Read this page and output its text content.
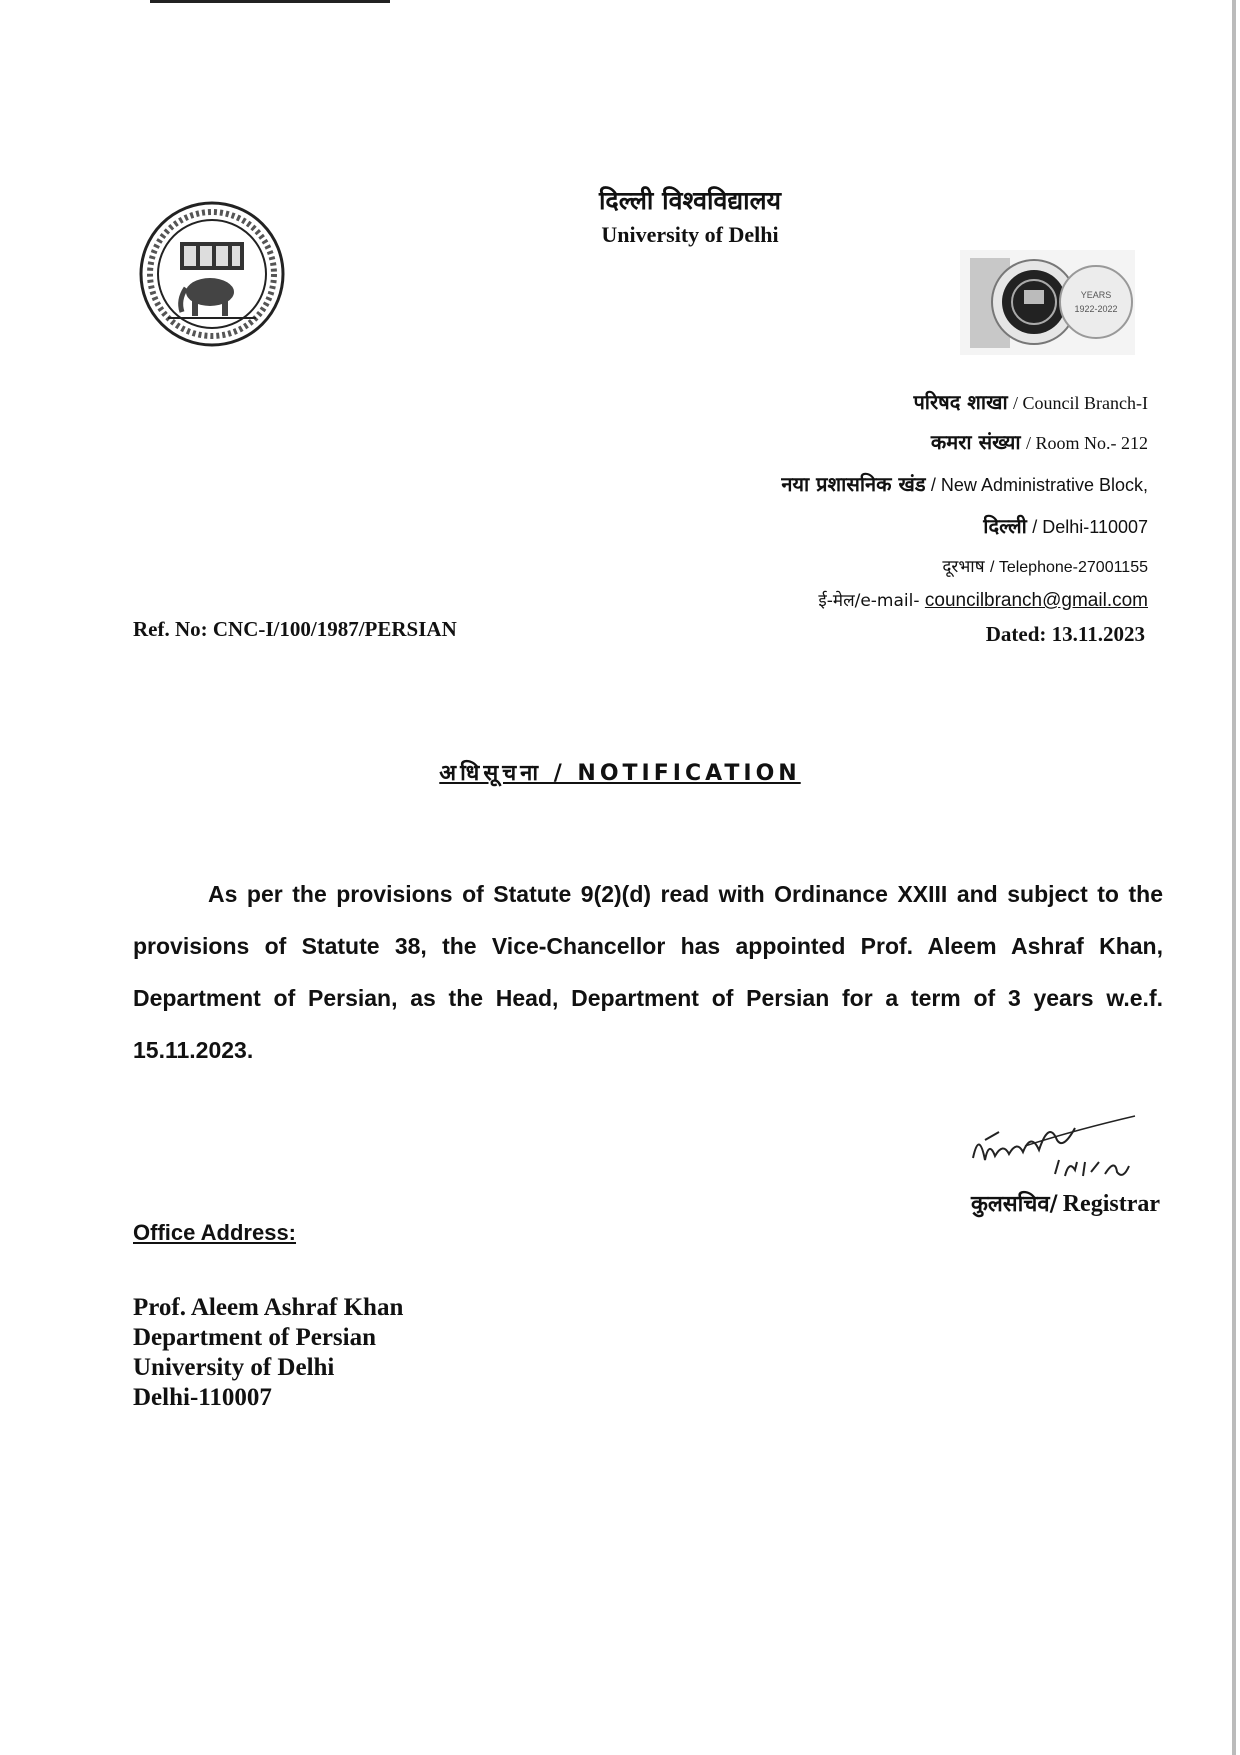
दिल्ली विश्वविद्यालय
University of Delhi
YEARS
1922-2022
परिषद शाखा / Council Branch-I
कमरा संख्या / Room No.- 212
नया प्रशासनिक खंड / New Administrative Block,
दिल्ली / Delhi-110007
दूरभाष / Telephone-27001155
ई-मेल/e-mail- councilbranch@gmail.com
Ref. No: CNC-I/100/1987/PERSIAN	Dated: 13.11.2023
अधिसूचना / NOTIFICATION
As per the provisions of Statute 9(2)(d) read with Ordinance XXIII and subject to the provisions of Statute 38, the Vice-Chancellor has appointed Prof. Aleem Ashraf Khan, Department of Persian, as the Head, Department of Persian for a term of 3 years w.e.f. 15.11.2023.
कुलसचिव/ Registrar
Office Address:
Prof. Aleem Ashraf Khan
Department of Persian
University of Delhi
Delhi-110007
